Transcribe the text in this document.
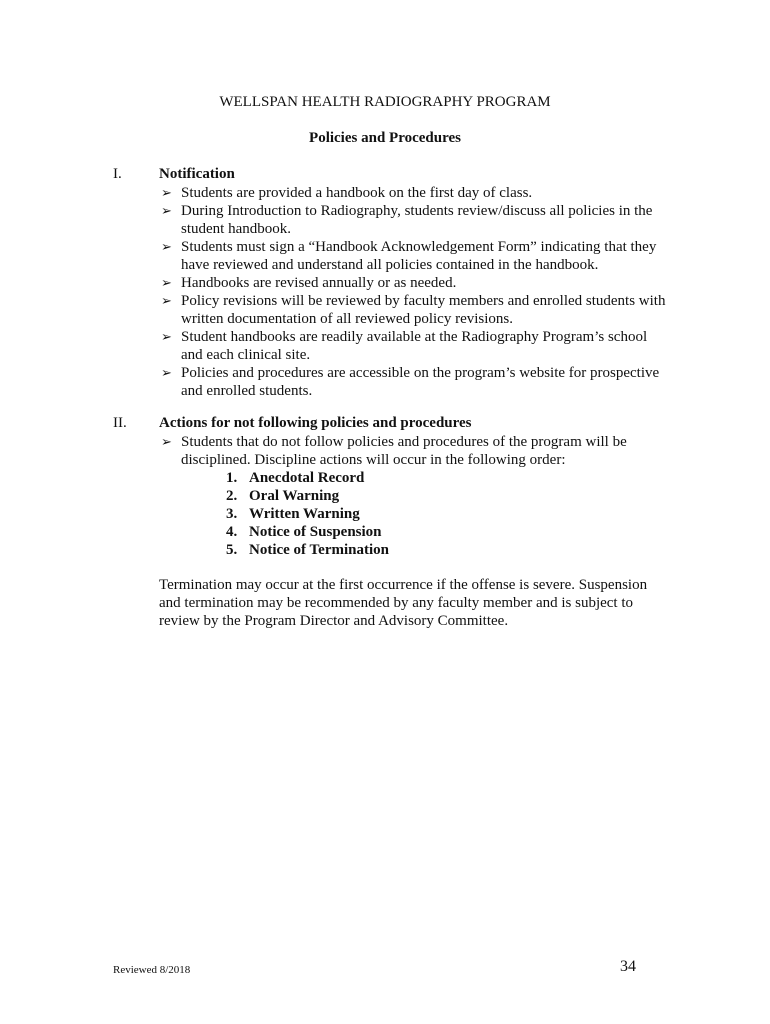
WELLSPAN HEALTH RADIOGRAPHY PROGRAM
Policies and Procedures
I. Notification
➢ Students are provided a handbook on the first day of class.
➢ During Introduction to Radiography, students review/discuss all policies in the student handbook.
➢ Students must sign a “Handbook Acknowledgement Form” indicating that they have reviewed and understand all policies contained in the handbook.
➢ Handbooks are revised annually or as needed.
➢ Policy revisions will be reviewed by faculty members and enrolled students with written documentation of all reviewed policy revisions.
➢ Student handbooks are readily available at the Radiography Program’s school and each clinical site.
➢ Policies and procedures are accessible on the program’s website for prospective and enrolled students.
II. Actions for not following policies and procedures
➢ Students that do not follow policies and procedures of the program will be disciplined. Discipline actions will occur in the following order:
1. Anecdotal Record
2. Oral Warning
3. Written Warning
4. Notice of Suspension
5. Notice of Termination
Termination may occur at the first occurrence if the offense is severe. Suspension and termination may be recommended by any faculty member and is subject to review by the Program Director and Advisory Committee.
Reviewed 8/2018	34
